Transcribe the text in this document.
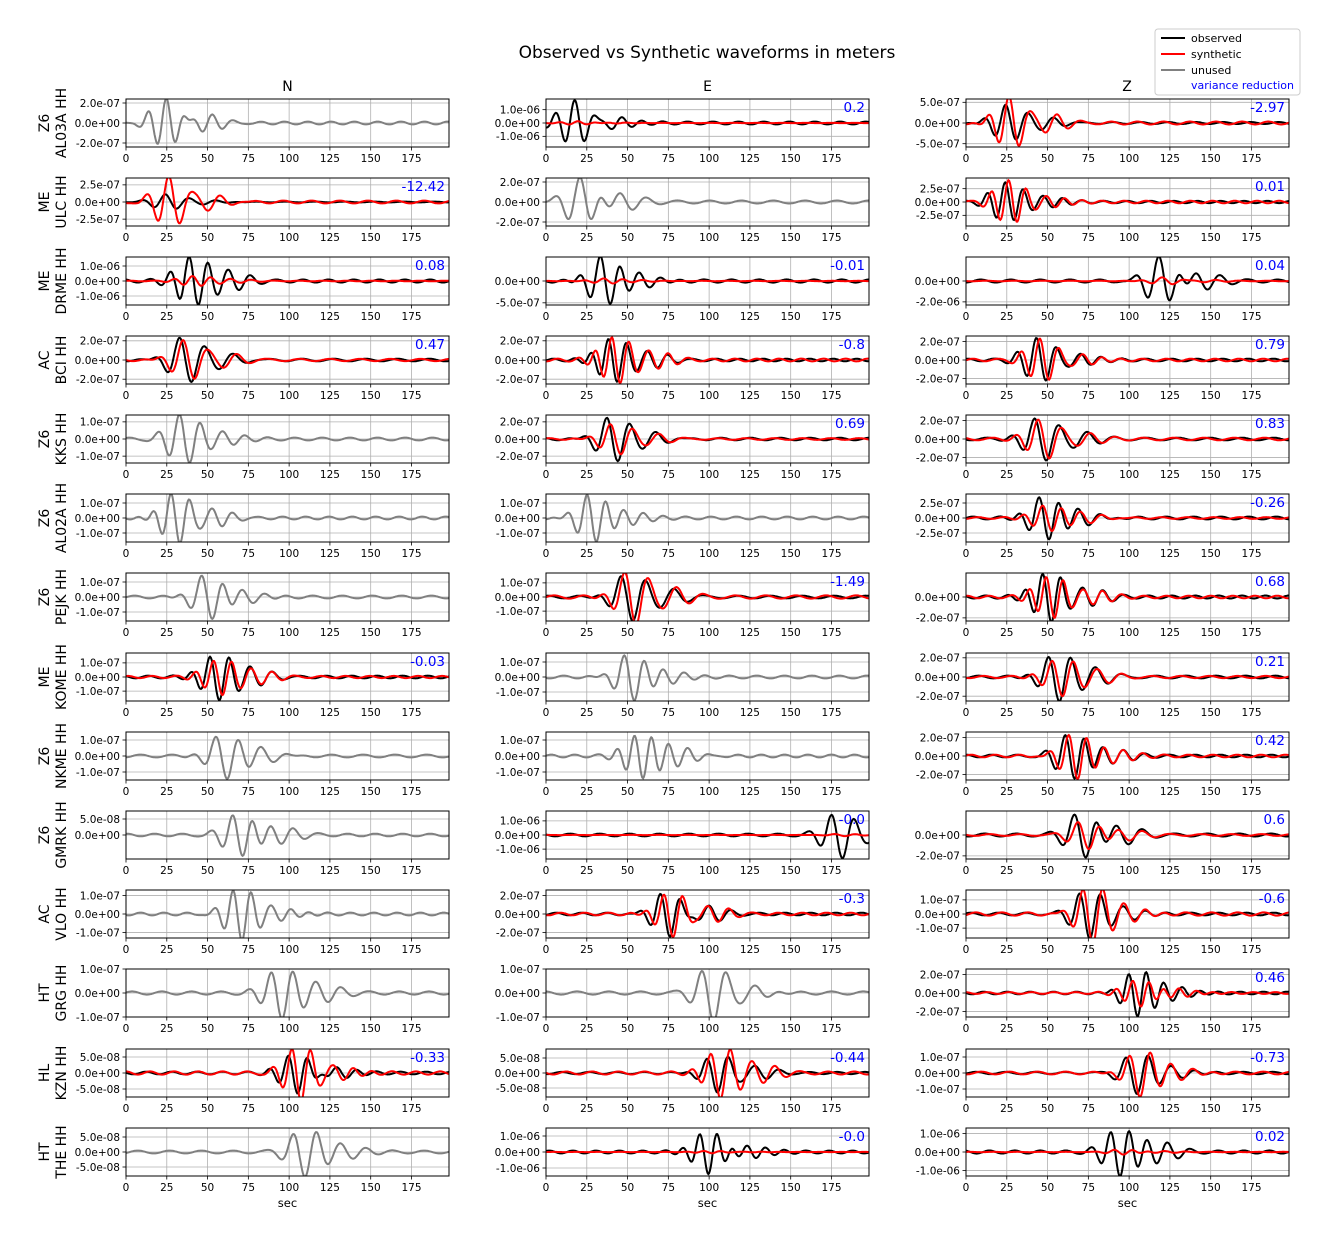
Observed vs Synthetic waveforms in meters
N	E	Z
Z6 AL03A HH
0	25	50	75 100 125 150 175
2.0e-07
0.0e+00
-2.0e-07
0	25	50	75 100 125 150 175
1.0e-06
0.0e+00
-1.0e-06
0.2
0	25	50	75 100 125 150 175
5.0e-07
0.0e+00
-5.0e-07
-2.97
ME ULC HH
0	25	50	75 100 125 150 175
2.5e-07
0.0e+00
-2.5e-07
-12.42
0	25	50	75 100 125 150 175
2.0e-07
0.0e+00
-2.0e-07
0	25	50	75 100 125 150 175
2.5e-07
0.0e+00
-2.5e-07
0.01
ME DRME HH
0	25	50	75 100 125 150 175
1.0e-06
0.0e+00
-1.0e-06
0.08
0	25	50	75 100 125 150 175
0.0e+00
-5.0e-07
-0.01
0	25	50	75 100 125 150 175
0.0e+00
-2.0e-06
0.04
AC BCI HH
0	25	50	75 100 125 150 175
2.0e-07
0.0e+00
-2.0e-07
0.47
0	25	50	75 100 125 150 175
2.0e-07
0.0e+00
-2.0e-07
-0.8
0	25	50	75 100 125 150 175
2.0e-07
0.0e+00
-2.0e-07
0.79
Z6 KKS HH
0	25	50	75 100 125 150 175
1.0e-07
0.0e+00
-1.0e-07
0	25	50	75 100 125 150 175
2.0e-07
0.0e+00
-2.0e-07
0.69
0	25	50	75 100 125 150 175
2.0e-07
0.0e+00
-2.0e-07
0.83
Z6 AL02A HH
0	25	50	75 100 125 150 175
1.0e-07
0.0e+00
-1.0e-07
0	25	50	75 100 125 150 175
1.0e-07
0.0e+00
-1.0e-07
0	25	50	75 100 125 150 175
2.5e-07
0.0e+00
-2.5e-07
-0.26
Z6 PEJK HH
0	25	50	75 100 125 150 175
1.0e-07
0.0e+00
-1.0e-07
0	25	50	75 100 125 150 175
1.0e-07
0.0e+00
-1.0e-07
-1.49
0	25	50	75 100 125 150 175
0.0e+00
-2.0e-07
0.68
ME KOME HH
0	25	50	75 100 125 150 175
1.0e-07
0.0e+00
-1.0e-07
-0.03
0	25	50	75 100 125 150 175
1.0e-07
0.0e+00
-1.0e-07
0	25	50	75 100 125 150 175
2.0e-07
0.0e+00
-2.0e-07
0.21
Z6 NKME HH
0	25	50	75 100 125 150 175
1.0e-07
0.0e+00
-1.0e-07
0	25	50	75 100 125 150 175
1.0e-07
0.0e+00
-1.0e-07
0	25	50	75 100 125 150 175
2.0e-07
0.0e+00
-2.0e-07
0.42
Z6 GMRK HH
0	25	50	75 100 125 150 175
5.0e-08
0.0e+00
0	25	50	75 100 125 150 175
1.0e-06
0.0e+00
-1.0e-06
-0.0
0	25	50	75 100 125 150 175
0.0e+00
-2.0e-07
0.6
AC VLO HH
0	25	50	75 100 125 150 175
1.0e-07
0.0e+00
-1.0e-07
0	25	50	75 100 125 150 175
2.0e-07
0.0e+00
-2.0e-07
-0.3
0	25	50	75 100 125 150 175
1.0e-07
0.0e+00
-1.0e-07
-0.6
HT GRG HH
0	25	50	75 100 125 150 175
1.0e-07
0.0e+00
-1.0e-07
0	25	50	75 100 125 150 175
1.0e-07
0.0e+00
-1.0e-07
0	25	50	75 100 125 150 175
2.0e-07
0.0e+00
-2.0e-07
0.46
HL KZN HH
0	25	50	75 100 125 150 175
5.0e-08
0.0e+00
-5.0e-08
-0.33
0	25	50	75 100 125 150 175
5.0e-08
0.0e+00
-5.0e-08
-0.44
0	25	50	75 100 125 150 175
1.0e-07
0.0e+00
-1.0e-07
-0.73
HT THE HH
0	25	50	75 100 125 150 175
5.0e-08
0.0e+00
-5.0e-08
sec
0	25	50	75 100 125 150 175
1.0e-06
0.0e+00
-1.0e-06
-0.0
sec
0	25	50	75 100 125 150 175
1.0e-06
0.0e+00
-1.0e-06
0.02
sec
observed
synthetic
unused
variance reduction
